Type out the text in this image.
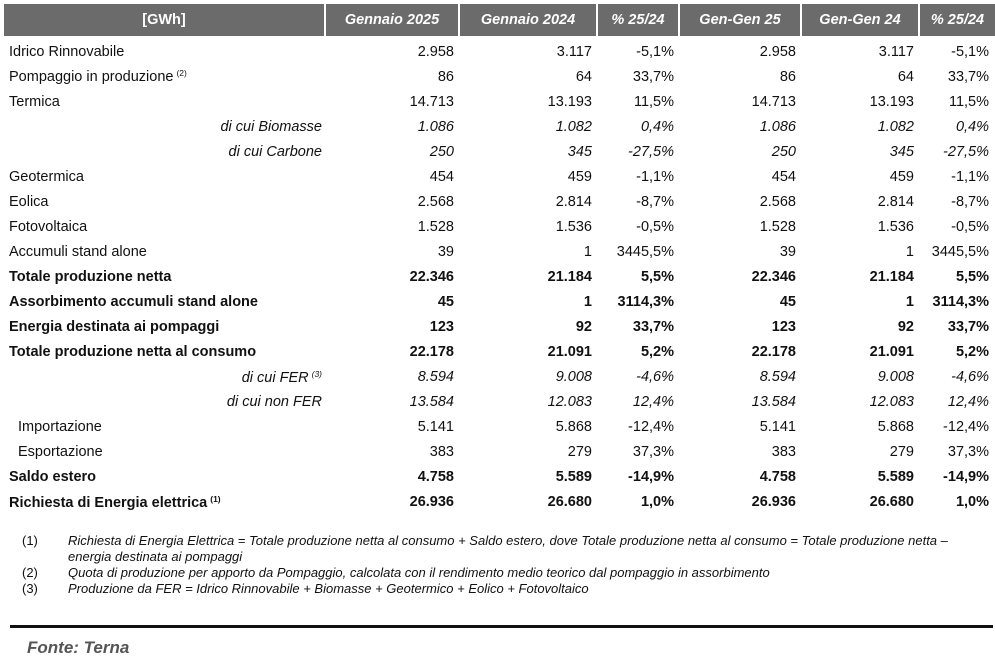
[GWh]	Gennaio 2025	Gennaio 2024	% 25/24	Gen-Gen 25	Gen-Gen 24	% 25/24
Idrico Rinnovabile	2.958	3.117	-5,1%	2.958	3.117	-5,1%
Pompaggio in produzione $^{(2)}$	86	64	33,7%	86	64	33,7%
Termica	14.713	13.193	11,5%	14.713	13.193	11,5%
di cui Biomasse	1.086	1.082	0,4%	1.086	1.082	0,4%
di cui Carbone	250	345	-27,5%	250	345	-27,5%
Geotermica	454	459	-1,1%	454	459	-1,1%
Eolica	2.568	2.814	-8,7%	2.568	2.814	-8,7%
Fotovoltaica	1.528	1.536	-0,5%	1.528	1.536	-0,5%
Accumuli stand alone	39	1	3445,5%	39	1	3445,5%
Totale produzione netta	22.346	21.184	5,5%	22.346	21.184	5,5%
Assorbimento accumuli stand alone	45	1	3114,3%	45	1	3114,3%
Energia destinata ai pompaggi	123	92	33,7%	123	92	33,7%
Totale produzione netta al consumo	22.178	21.091	5,2%	22.178	21.091	5,2%
di cui FER $^{(3)}$	8.594	9.008	-4,6%	8.594	9.008	-4,6%
di cui non FER	13.584	12.083	12,4%	13.584	12.083	12,4%
Importazione	5.141	5.868	-12,4%	5.141	5.868	-12,4%
Esportazione	383	279	37,3%	383	279	37,3%
Saldo estero	4.758	5.589	-14,9%	4.758	5.589	-14,9%
Richiesta di Energia elettrica $^{(1)}$	26.936	26.680	1,0%	26.936	26.680	1,0%
(1)	Richiesta di Energia Elettrica = Totale produzione netta al consumo + Saldo estero, dove Totale produzione netta al consumo = Totale produzione netta – energia destinata ai pompaggi
(2)	Quota di produzione per apporto da Pompaggio, calcolata con il rendimento medio teorico dal pompaggio in assorbimento
(3)	Produzione da FER = Idrico Rinnovabile + Biomasse + Geotermico + Eolico + Fotovoltaico
Fonte: Terna
